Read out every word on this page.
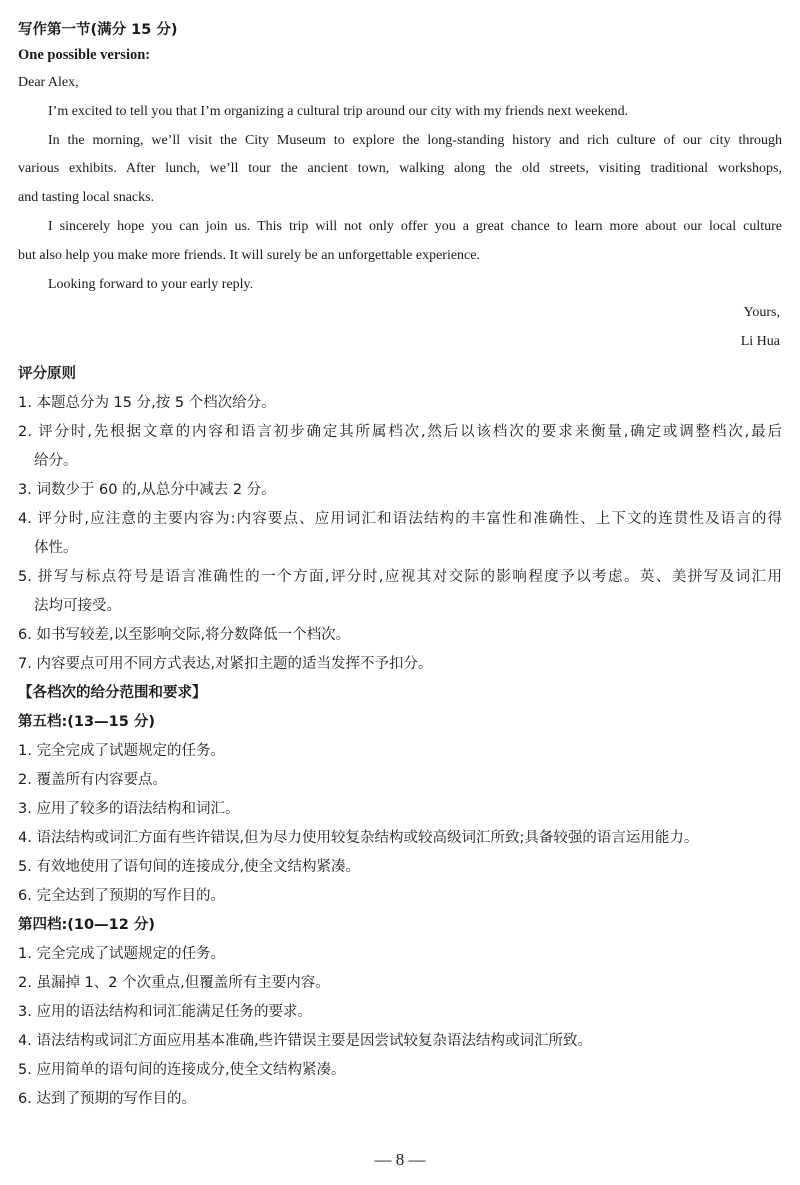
写作第一节(满分 15 分)
One possible version:
Dear Alex,
I’m excited to tell you that I’m organizing a cultural trip around our city with my friends next weekend.
In the morning, we’ll visit the City Museum to explore the long-standing history and rich culture of our city through
various exhibits. After lunch, we’ll tour the ancient town, walking along the old streets, visiting traditional workshops,
and tasting local snacks.
I sincerely hope you can join us. This trip will not only offer you a great chance to learn more about our local culture
but also help you make more friends. It will surely be an unforgettable experience.
Looking forward to your early reply.
Yours,
Li Hua
评分原则
1. 本题总分为 15 分,按 5 个档次给分。
2. 评分时,先根据文章的内容和语言初步确定其所属档次,然后以该档次的要求来衡量,确定或调整档次,最后
给分。
3. 词数少于 60 的,从总分中减去 2 分。
4. 评分时,应注意的主要内容为:内容要点、应用词汇和语法结构的丰富性和准确性、上下文的连贯性及语言的得
体性。
5. 拼写与标点符号是语言准确性的一个方面,评分时,应视其对交际的影响程度予以考虑。英、美拼写及词汇用
法均可接受。
6. 如书写较差,以至影响交际,将分数降低一个档次。
7. 内容要点可用不同方式表达,对紧扣主题的适当发挥不予扣分。
【各档次的给分范围和要求】
第五档:(13—15 分)
1. 完全完成了试题规定的任务。
2. 覆盖所有内容要点。
3. 应用了较多的语法结构和词汇。
4. 语法结构或词汇方面有些许错误,但为尽力使用较复杂结构或较高级词汇所致;具备较强的语言运用能力。
5. 有效地使用了语句间的连接成分,使全文结构紧凑。
6. 完全达到了预期的写作目的。
第四档:(10—12 分)
1. 完全完成了试题规定的任务。
2. 虽漏掉 1、2 个次重点,但覆盖所有主要内容。
3. 应用的语法结构和词汇能满足任务的要求。
4. 语法结构或词汇方面应用基本准确,些许错误主要是因尝试较复杂语法结构或词汇所致。
5. 应用简单的语句间的连接成分,使全文结构紧凑。
6. 达到了预期的写作目的。
— 8 —
